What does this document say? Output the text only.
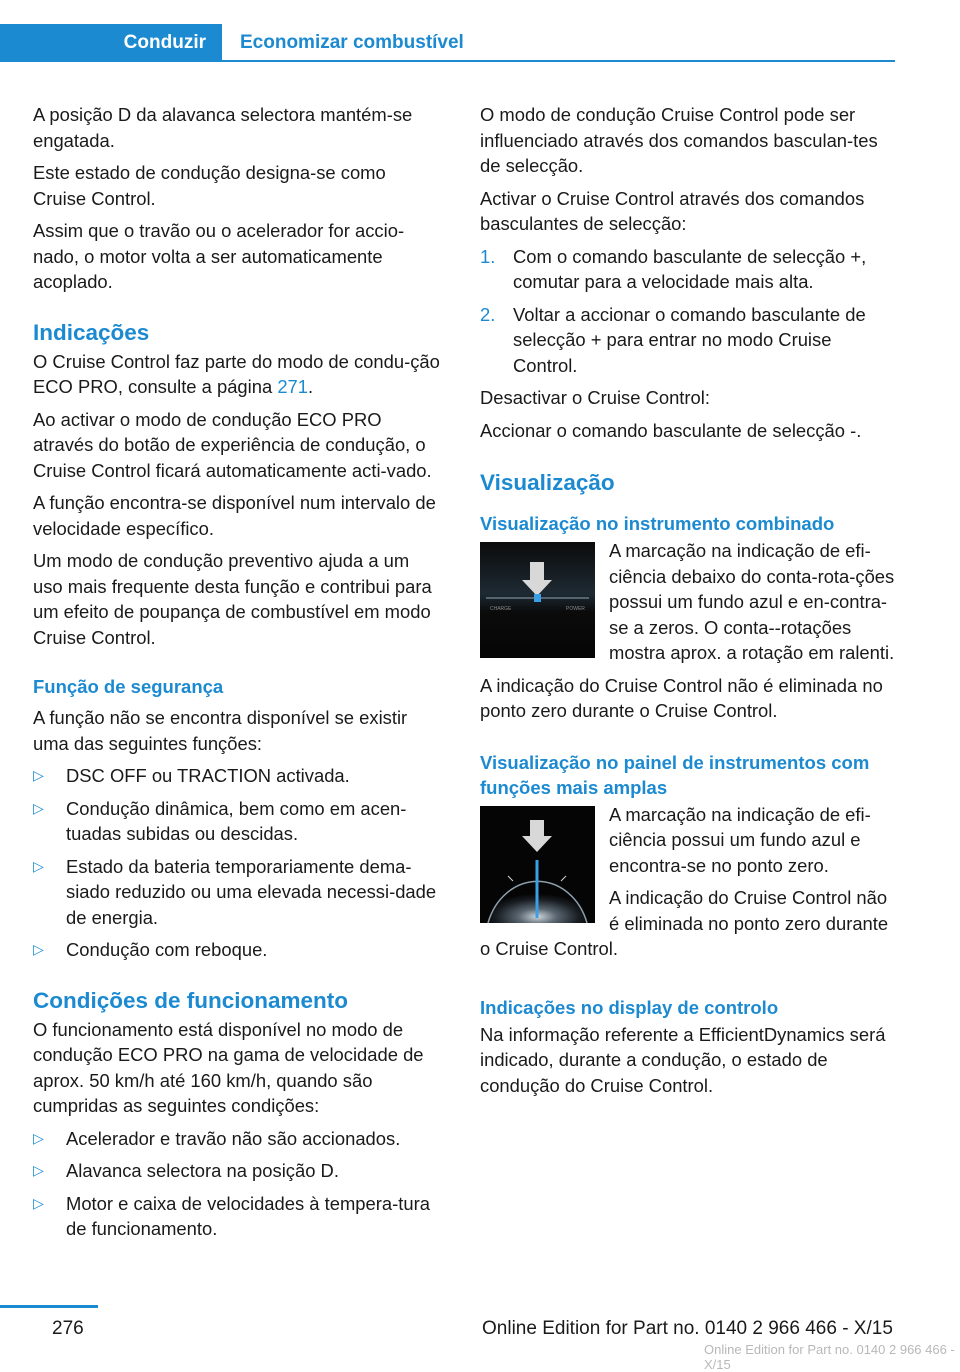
Conduzir	Economizar combustível

A posição D da alavanca selectora mantém-se engatada.

Este estado de condução designa-se como Cruise Control.

Assim que o travão ou o acelerador for accio-nado, o motor volta a ser automaticamente acoplado.

Indicações

O Cruise Control faz parte do modo de condu-ção ECO PRO, consulte a página 271.

Ao activar o modo de condução ECO PRO através do botão de experiência de condução, o Cruise Control ficará automaticamente acti-vado.

A função encontra-se disponível num intervalo de velocidade específico.

Um modo de condução preventivo ajuda a um uso mais frequente desta função e contribui para um efeito de poupança de combustível em modo Cruise Control.

Função de segurança

A função não se encontra disponível se existir uma das seguintes funções:

▷ DSC OFF ou TRACTION activada.
▷ Condução dinâmica, bem como em acen-tuadas subidas ou descidas.
▷ Estado da bateria temporariamente dema-siado reduzido ou uma elevada necessi-dade de energia.
▷ Condução com reboque.
Condições de funcionamento

O funcionamento está disponível no modo de condução ECO PRO na gama de velocidade de aprox. 50 km/h até 160 km/h, quando são cumpridas as seguintes condições:

▷ Acelerador e travão não são accionados.
▷ Alavanca selectora na posição D.
▷ Motor e caixa de velocidades à tempera-tura de funcionamento.

O modo de condução Cruise Control pode ser influenciado através dos comandos basculan-tes de selecção.

Activar o Cruise Control através dos comandos basculantes de selecção:

1. Com o comando basculante de selecção +, comutar para a velocidade mais alta.
2. Voltar a accionar o comando basculante de selecção + para entrar no modo Cruise Control.

Desactivar o Cruise Control:

Accionar o comando basculante de selecção -.

Visualização
Visualização no instrumento combinado
CHARGE	POWER

A marcação na indicação de efi-ciência debaixo do conta-rota-ções possui um fundo azul e en-contra-se a zeros. O conta--rotações mostra aprox. a rotação em ralenti.

A indicação do Cruise Control não é eliminada no ponto zero durante o Cruise Control.

Visualização no painel de instrumentos com funções mais amplas

A marcação na indicação de efi-ciência possui um fundo azul e encontra-se no ponto zero.

A indicação do Cruise Control não é eliminada no ponto zero durante o Cruise Control.

Indicações no display de controlo

Na informação referente a EfficientDynamics será indicado, durante a condução, o estado de condução do Cruise Control.

276	Online Edition for Part no. 0140 2 966 466 - X/15
Online Edition for Part no. 0140 2 966 466 - X/15
